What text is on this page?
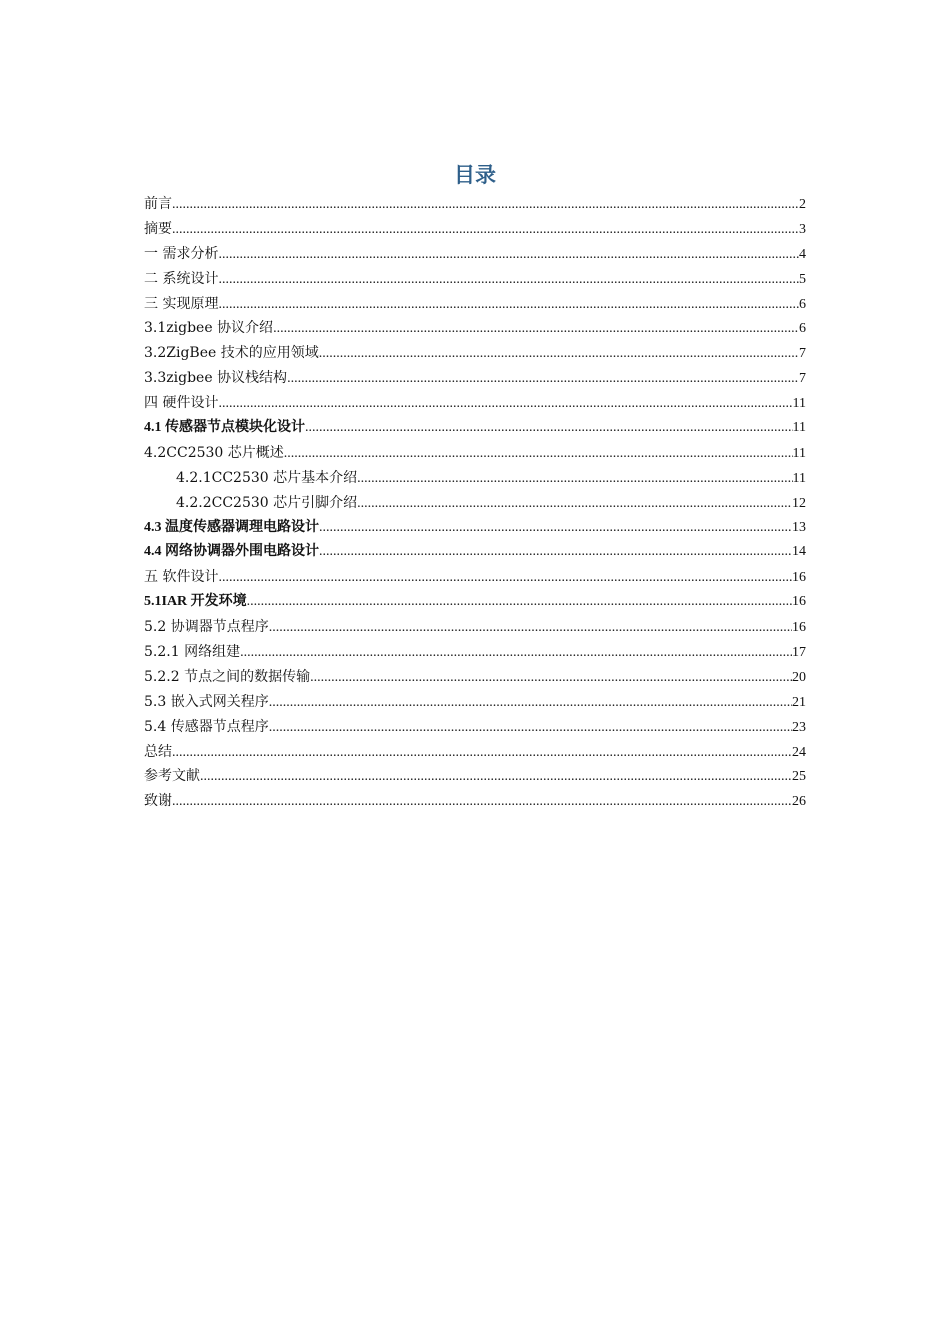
目录
前言 .....	2
摘要 .....	3
一 需求分析 .....	4
二 系统设计 .....	5
三 实现原理 .....	6
3.1zigbee 协议介绍 .....	6
3.2ZigBee 技术的应用领域 .....	7
3.3zigbee 协议栈结构 .....	7
四 硬件设计 .....	11
4.1 传感器节点模块化设计 .....	11
4.2CC2530 芯片概述 .....	11
4.2.1CC2530 芯片基本介绍 .....	11
4.2.2CC2530 芯片引脚介绍 .....	12
4.3 温度传感器调理电路设计 .....	13
4.4 网络协调器外围电路设计 .....	14
五 软件设计 .....	16
5.1IAR 开发环境 .....	16
5.2 协调器节点程序 .....	16
5.2.1 网络组建 .....	17
5.2.2 节点之间的数据传输 .....	20
5.3 嵌入式网关程序 .....	21
5.4 传感器节点程序 .....	23
总结 .....	24
参考文献 .....	25
致谢 .....	26
